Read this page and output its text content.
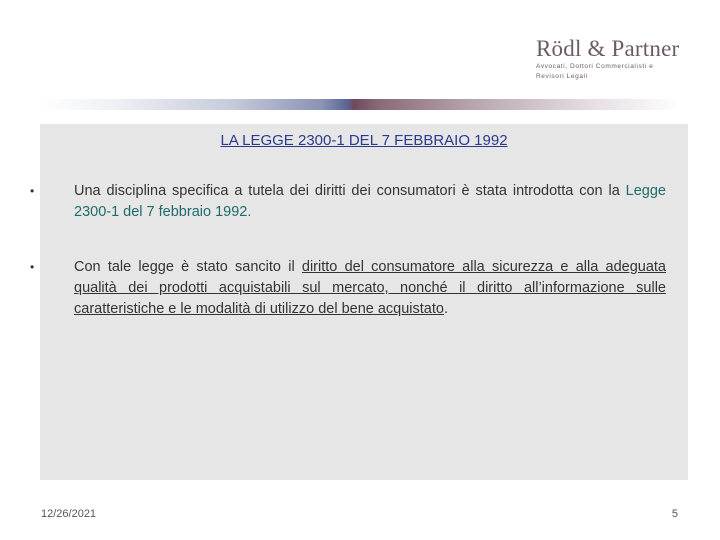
Rödl & Partner
Avvocati, Dottori Commercialisti e
Revisori Legali
LA LEGGE 2300-1 DEL 7 FEBBRAIO 1992
•	Una disciplina specifica a tutela dei diritti dei consumatori è stata introdotta con la Legge 2300-1 del 7 febbraio 1992.
•	Con tale legge è stato sancito il diritto del consumatore alla sicurezza e alla adeguata qualità dei prodotti acquistabili sul mercato, nonché il diritto all’informazione sulle caratteristiche e le modalità di utilizzo del bene acquistato.
12/26/2021	5
